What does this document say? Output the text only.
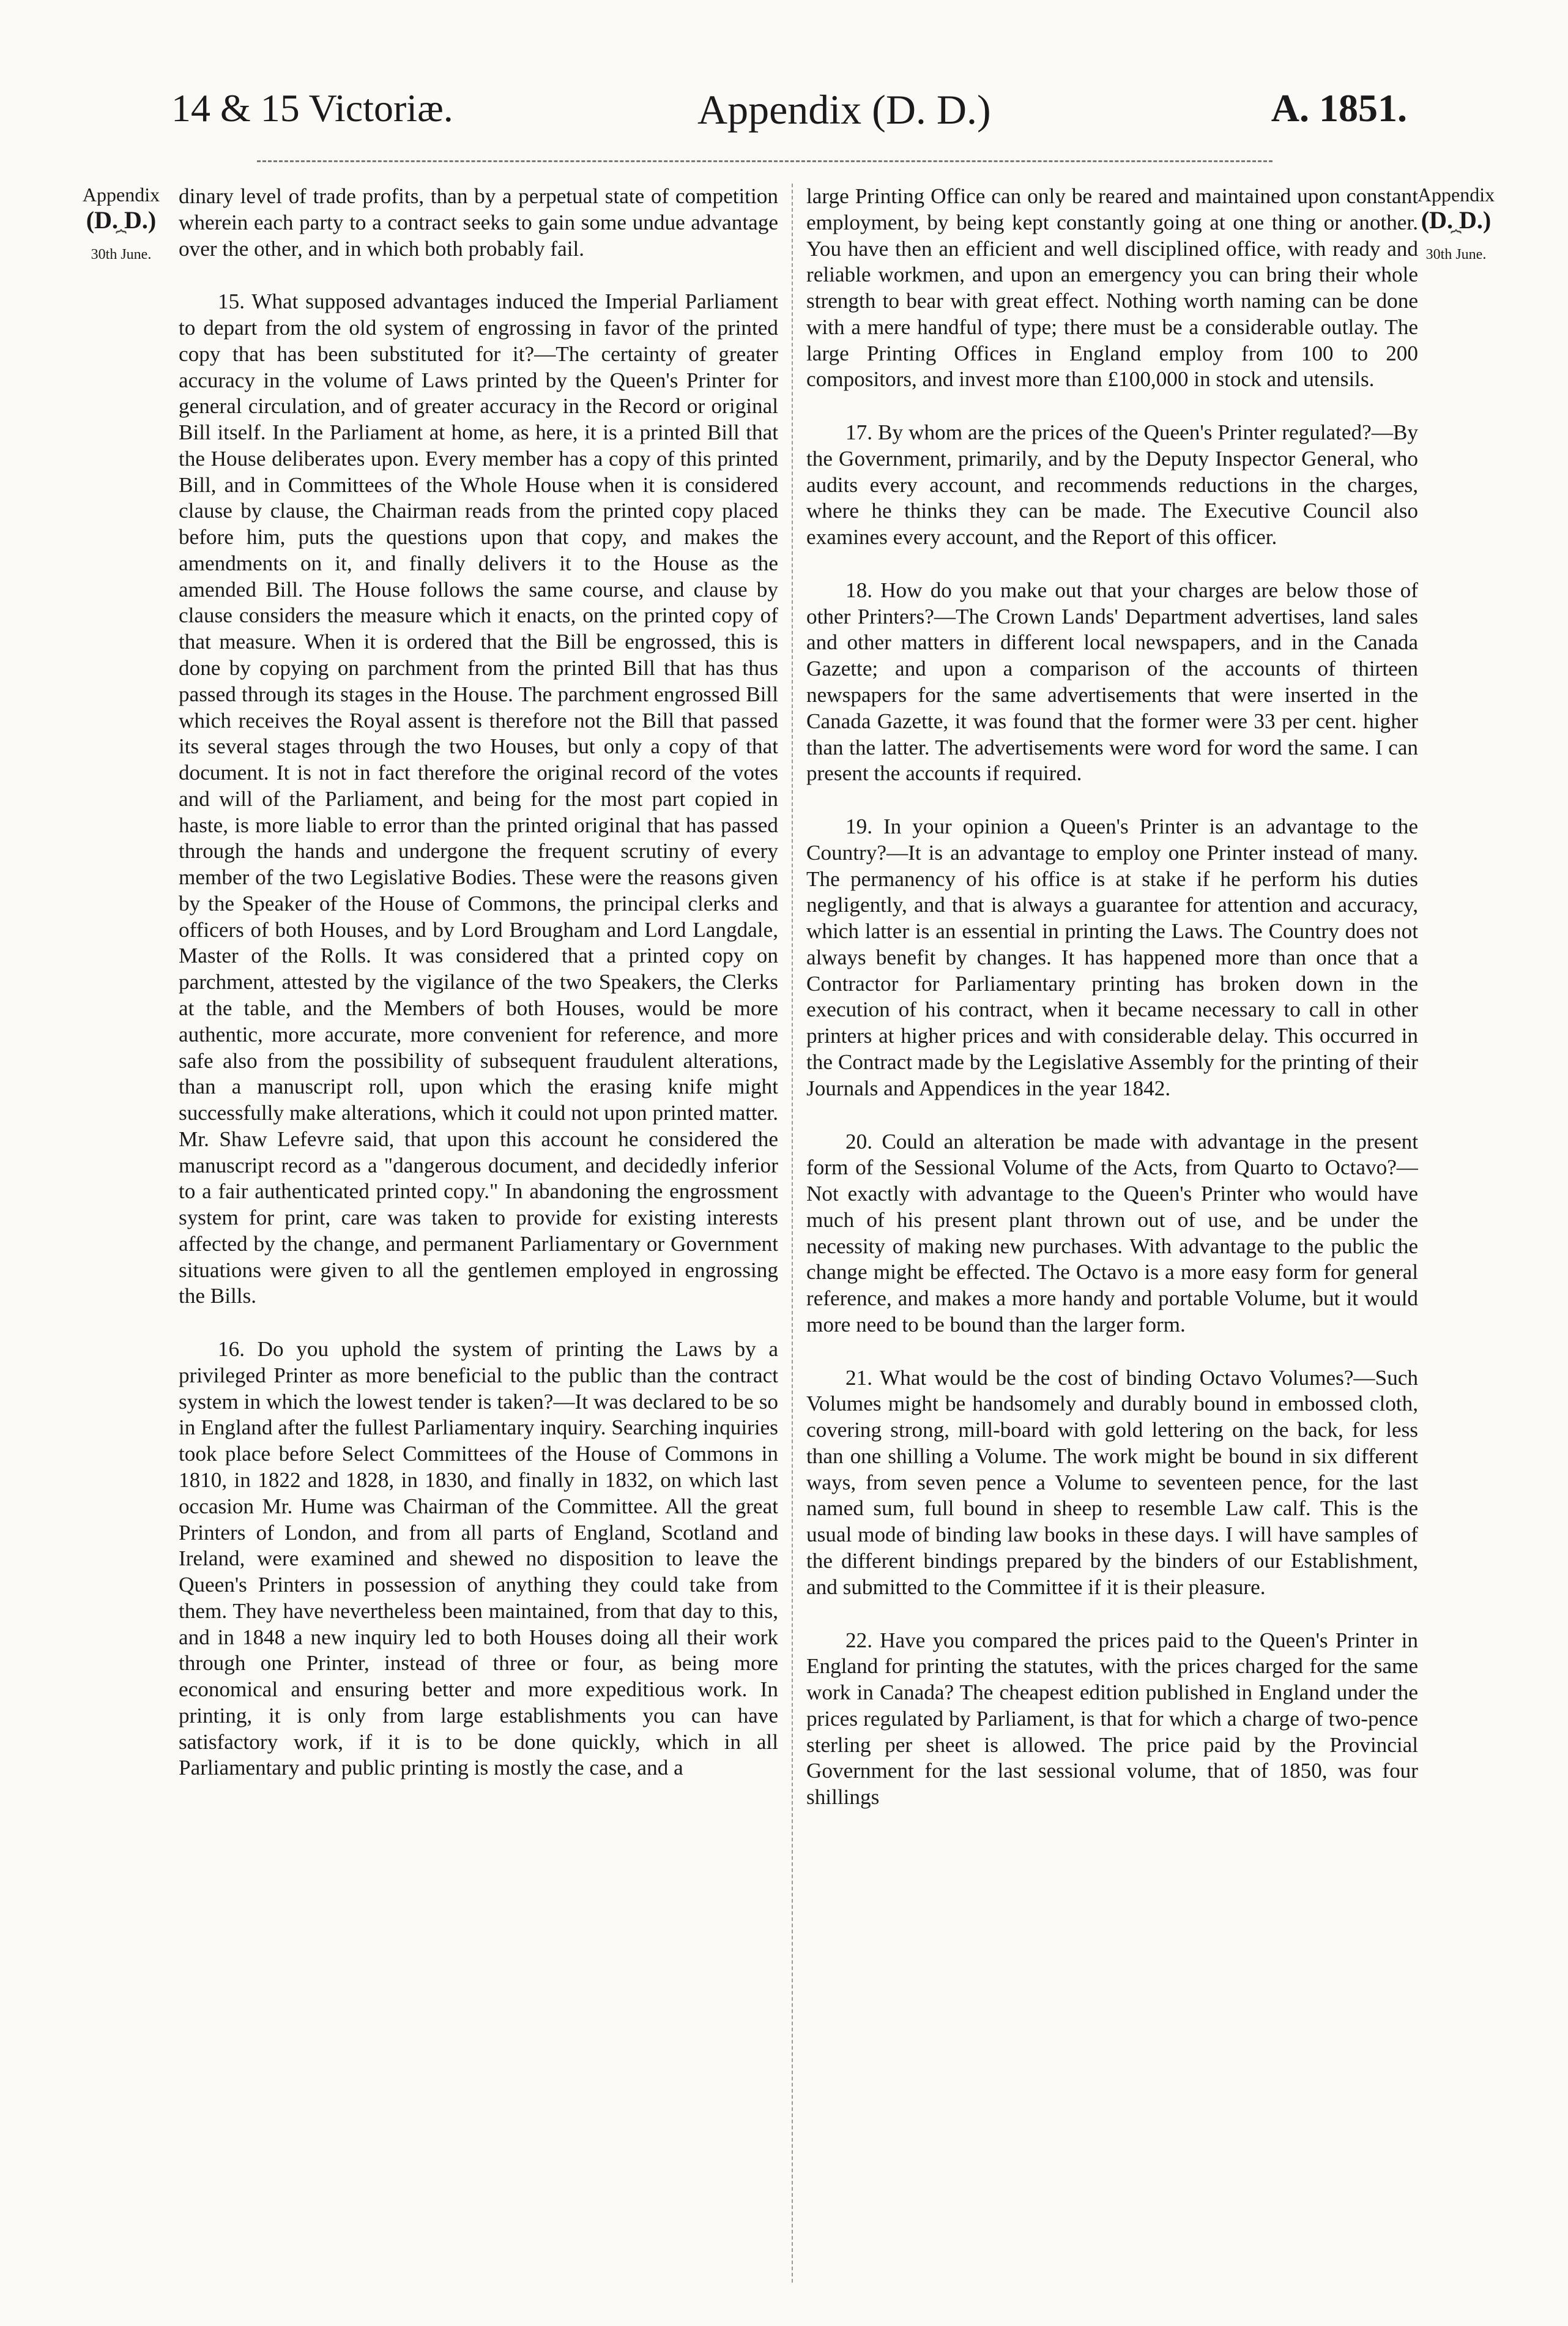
14 & 15 Victoriæ.	Appendix (D. D.)	A. 1851.
Appendix
(D. D.)
⏞
30th June.
Appendix
(D. D.)
⏞
30th June.

dinary level of trade profits, than by a perpetual state of competition wherein each party to a contract seeks to gain some undue advantage over the other, and in which both probably fail.

15. What supposed advantages induced the Imperial Parliament to depart from the old system of engrossing in favor of the printed copy that has been substituted for it?—The certainty of greater accuracy in the volume of Laws printed by the Queen's Printer for general circulation, and of greater accuracy in the Record or original Bill itself. In the Parliament at home, as here, it is a printed Bill that the House deliberates upon. Every member has a copy of this printed Bill, and in Committees of the Whole House when it is considered clause by clause, the Chairman reads from the printed copy placed before him, puts the questions upon that copy, and makes the amendments on it, and finally delivers it to the House as the amended Bill. The House follows the same course, and clause by clause considers the measure which it enacts, on the printed copy of that measure. When it is ordered that the Bill be engrossed, this is done by copying on parchment from the printed Bill that has thus passed through its stages in the House. The parchment engrossed Bill which receives the Royal assent is therefore not the Bill that passed its several stages through the two Houses, but only a copy of that document. It is not in fact therefore the original record of the votes and will of the Parliament, and being for the most part copied in haste, is more liable to error than the printed original that has passed through the hands and undergone the frequent scrutiny of every member of the two Legislative Bodies. These were the reasons given by the Speaker of the House of Commons, the principal clerks and officers of both Houses, and by Lord Brougham and Lord Langdale, Master of the Rolls. It was considered that a printed copy on parchment, attested by the vigilance of the two Speakers, the Clerks at the table, and the Members of both Houses, would be more authentic, more accurate, more convenient for reference, and more safe also from the possibility of subsequent fraudulent alterations, than a manuscript roll, upon which the erasing knife might successfully make alterations, which it could not upon printed matter. Mr. Shaw Lefevre said, that upon this account he considered the manuscript record as a "dangerous document, and decidedly inferior to a fair authenticated printed copy." In abandoning the engrossment system for print, care was taken to provide for existing interests affected by the change, and permanent Parliamentary or Government situations were given to all the gentlemen employed in engrossing the Bills.

16. Do you uphold the system of printing the Laws by a privileged Printer as more beneficial to the public than the contract system in which the lowest tender is taken?—It was declared to be so in England after the fullest Parliamentary inquiry. Searching inquiries took place before Select Committees of the House of Commons in 1810, in 1822 and 1828, in 1830, and finally in 1832, on which last occasion Mr. Hume was Chairman of the Committee. All the great Printers of London, and from all parts of England, Scotland and Ireland, were examined and shewed no disposition to leave the Queen's Printers in possession of anything they could take from them. They have nevertheless been maintained, from that day to this, and in 1848 a new inquiry led to both Houses doing all their work through one Printer, instead of three or four, as being more economical and ensuring better and more expeditious work. In printing, it is only from large establishments you can have satisfactory work, if it is to be done quickly, which in all Parliamentary and public printing is mostly the case, and a

large Printing Office can only be reared and maintained upon constant employment, by being kept constantly going at one thing or another. You have then an efficient and well disciplined office, with ready and reliable workmen, and upon an emergency you can bring their whole strength to bear with great effect. Nothing worth naming can be done with a mere handful of type; there must be a considerable outlay. The large Printing Offices in England employ from 100 to 200 compositors, and invest more than £100,000 in stock and utensils.

17. By whom are the prices of the Queen's Printer regulated?—By the Government, primarily, and by the Deputy Inspector General, who audits every account, and recommends reductions in the charges, where he thinks they can be made. The Executive Council also examines every account, and the Report of this officer.

18. How do you make out that your charges are below those of other Printers?—The Crown Lands' Department advertises, land sales and other matters in different local newspapers, and in the Canada Gazette; and upon a comparison of the accounts of thirteen newspapers for the same advertisements that were inserted in the Canada Gazette, it was found that the former were 33 per cent. higher than the latter. The advertisements were word for word the same. I can present the accounts if required.

19. In your opinion a Queen's Printer is an advantage to the Country?—It is an advantage to employ one Printer instead of many. The permanency of his office is at stake if he perform his duties negligently, and that is always a guarantee for attention and accuracy, which latter is an essential in printing the Laws. The Country does not always benefit by changes. It has happened more than once that a Contractor for Parliamentary printing has broken down in the execution of his contract, when it became necessary to call in other printers at higher prices and with considerable delay. This occurred in the Contract made by the Legislative Assembly for the printing of their Journals and Appendices in the year 1842.

20. Could an alteration be made with advantage in the present form of the Sessional Volume of the Acts, from Quarto to Octavo?—Not exactly with advantage to the Queen's Printer who would have much of his present plant thrown out of use, and be under the necessity of making new purchases. With advantage to the public the change might be effected. The Octavo is a more easy form for general reference, and makes a more handy and portable Volume, but it would more need to be bound than the larger form.

21. What would be the cost of binding Octavo Volumes?—Such Volumes might be handsomely and durably bound in embossed cloth, covering strong, mill-board with gold lettering on the back, for less than one shilling a Volume. The work might be bound in six different ways, from seven pence a Volume to seventeen pence, for the last named sum, full bound in sheep to resemble Law calf. This is the usual mode of binding law books in these days. I will have samples of the different bindings prepared by the binders of our Establishment, and submitted to the Committee if it is their pleasure.

22. Have you compared the prices paid to the Queen's Printer in England for printing the statutes, with the prices charged for the same work in Canada? The cheapest edition published in England under the prices regulated by Parliament, is that for which a charge of two-pence sterling per sheet is allowed. The price paid by the Provincial Government for the last sessional volume, that of 1850, was four shillings
